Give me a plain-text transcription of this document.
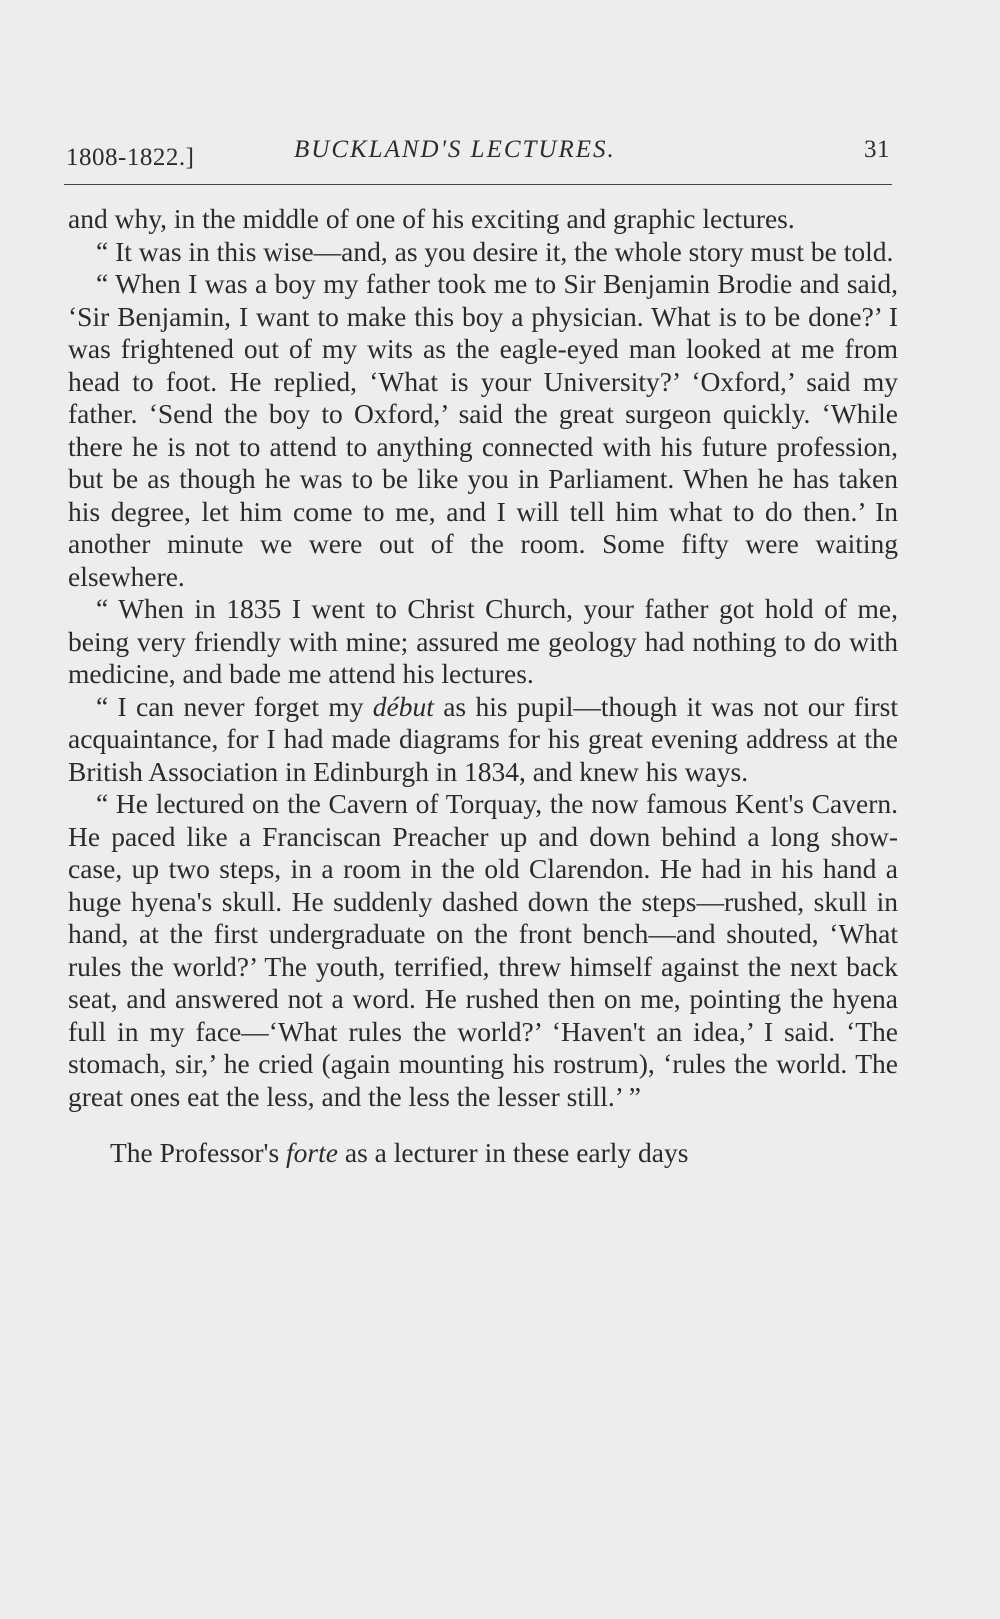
1808-1822.]	BUCKLAND'S LECTURES.	31

and why, in the middle of one of his exciting and graphic lectures.

“ It was in this wise—and, as you desire it, the whole story must be told.

“ When I was a boy my father took me to Sir Benjamin Brodie and said, ‘Sir Benjamin, I want to make this boy a physician. What is to be done?’ I was frightened out of my wits as the eagle-eyed man looked at me from head to foot. He replied, ‘What is your University?’ ‘Oxford,’ said my father. ‘Send the boy to Oxford,’ said the great surgeon quickly. ‘While there he is not to attend to anything connected with his future profession, but be as though he was to be like you in Parliament. When he has taken his degree, let him come to me, and I will tell him what to do then.’ In another minute we were out of the room. Some fifty were waiting elsewhere.

“ When in 1835 I went to Christ Church, your father got hold of me, being very friendly with mine; assured me geology had nothing to do with medicine, and bade me attend his lectures.

“ I can never forget my début as his pupil—though it was not our first acquaintance, for I had made diagrams for his great evening address at the British Association in Edinburgh in 1834, and knew his ways.

“ He lectured on the Cavern of Torquay, the now famous Kent's Cavern. He paced like a Franciscan Preacher up and down behind a long show-case, up two steps, in a room in the old Clarendon. He had in his hand a huge hyena's skull. He suddenly dashed down the steps—rushed, skull in hand, at the first undergraduate on the front bench—and shouted, ‘What rules the world?’ The youth, terrified, threw himself against the next back seat, and answered not a word. He rushed then on me, pointing the hyena full in my face—‘What rules the world?’ ‘Haven't an idea,’ I said. ‘The stomach, sir,’ he cried (again mounting his rostrum), ‘rules the world. The great ones eat the less, and the less the lesser still.’ ”

The Professor's forte as a lecturer in these early days
